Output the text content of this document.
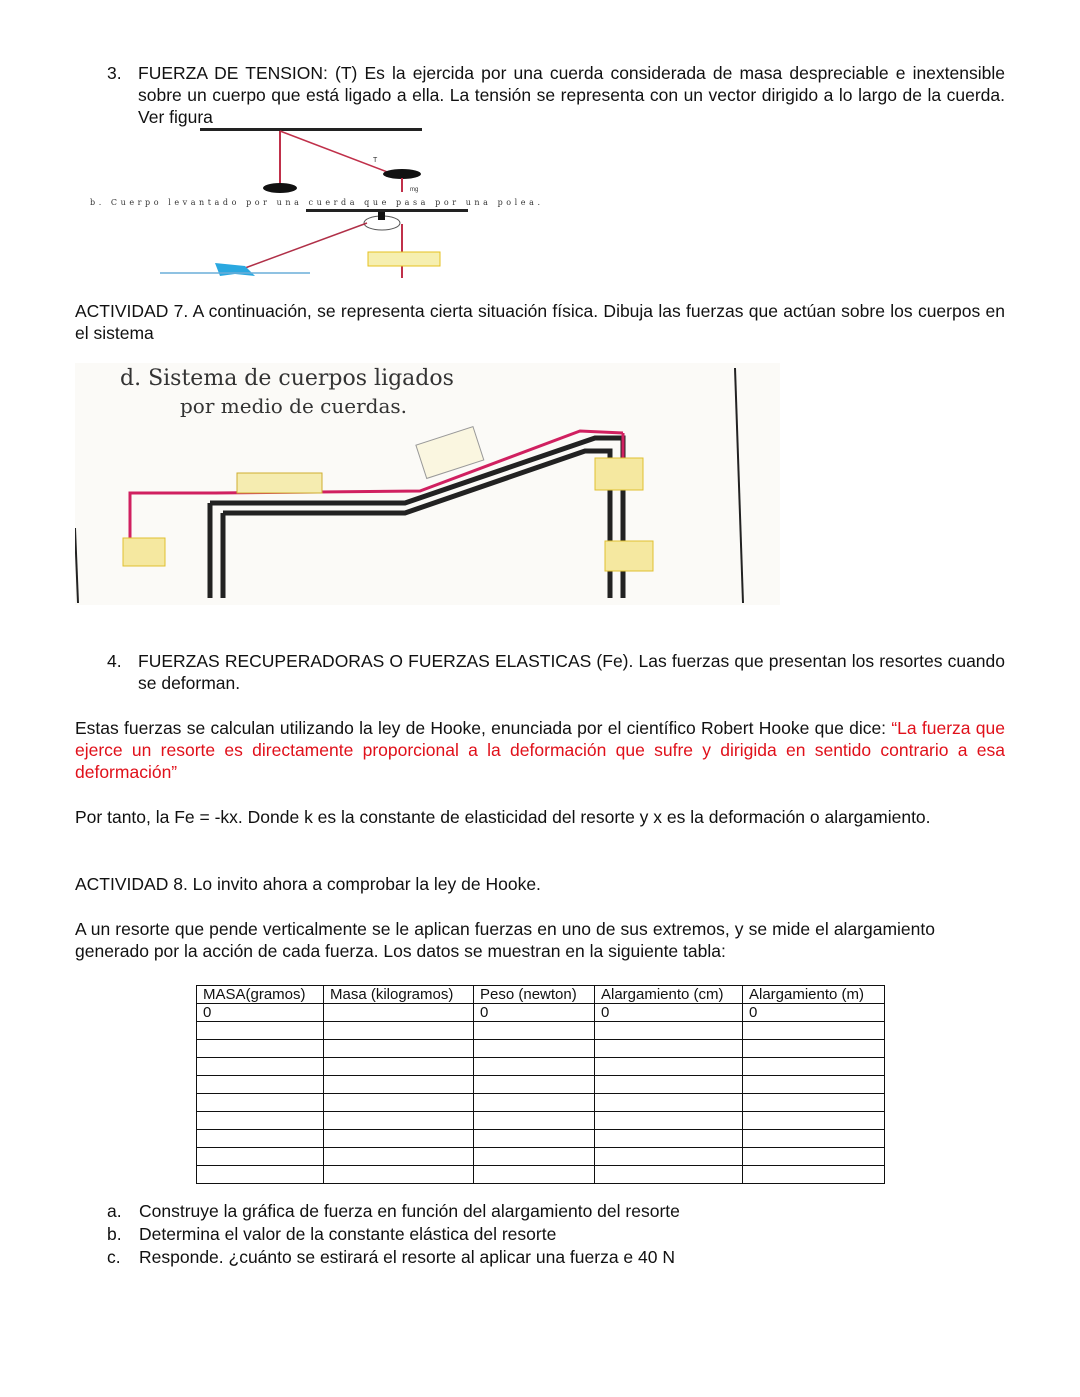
3. FUERZA DE TENSION: (T) Es la ejercida por una cuerda considerada de masa despreciable e inextensible sobre un cuerpo que está ligado a ella. La tensión se representa con un vector dirigido a lo largo de la cuerda. Ver figura
T
mg
b. Cuerpo levantado por una cuerda que pasa por una polea.
ACTIVIDAD 7. A continuación, se representa cierta situación física. Dibuja las fuerzas que actúan sobre los cuerpos en el sistema
d. Sistema de cuerpos ligados
por medio de cuerdas.
4. FUERZAS RECUPERADORAS O FUERZAS ELASTICAS (Fe). Las fuerzas que presentan los resortes cuando se deforman.
Estas fuerzas se calculan utilizando la ley de Hooke, enunciada por el científico Robert Hooke que dice: “La fuerza que ejerce un resorte es directamente proporcional a la deformación que sufre y dirigida en sentido contrario a esa deformación”
Por tanto, la Fe = -kx. Donde k es la constante de elasticidad del resorte y x es la deformación o alargamiento.
ACTIVIDAD 8. Lo invito ahora a comprobar la ley de Hooke.
A un resorte que pende verticalmente se le aplican fuerzas en uno de sus extremos, y se mide el alargamiento generado por la acción de cada fuerza. Los datos se muestran en la siguiente tabla:
MASA(gramos)	Masa (kilogramos)	Peso (newton)	Alargamiento (cm)	Alargamiento (m)
0		0	0	0

a. Construye la gráfica de fuerza en función del alargamiento del resorte
b. Determina el valor de la constante elástica del resorte
c. Responde. ¿cuánto se estirará el resorte al aplicar una fuerza e 40 N
